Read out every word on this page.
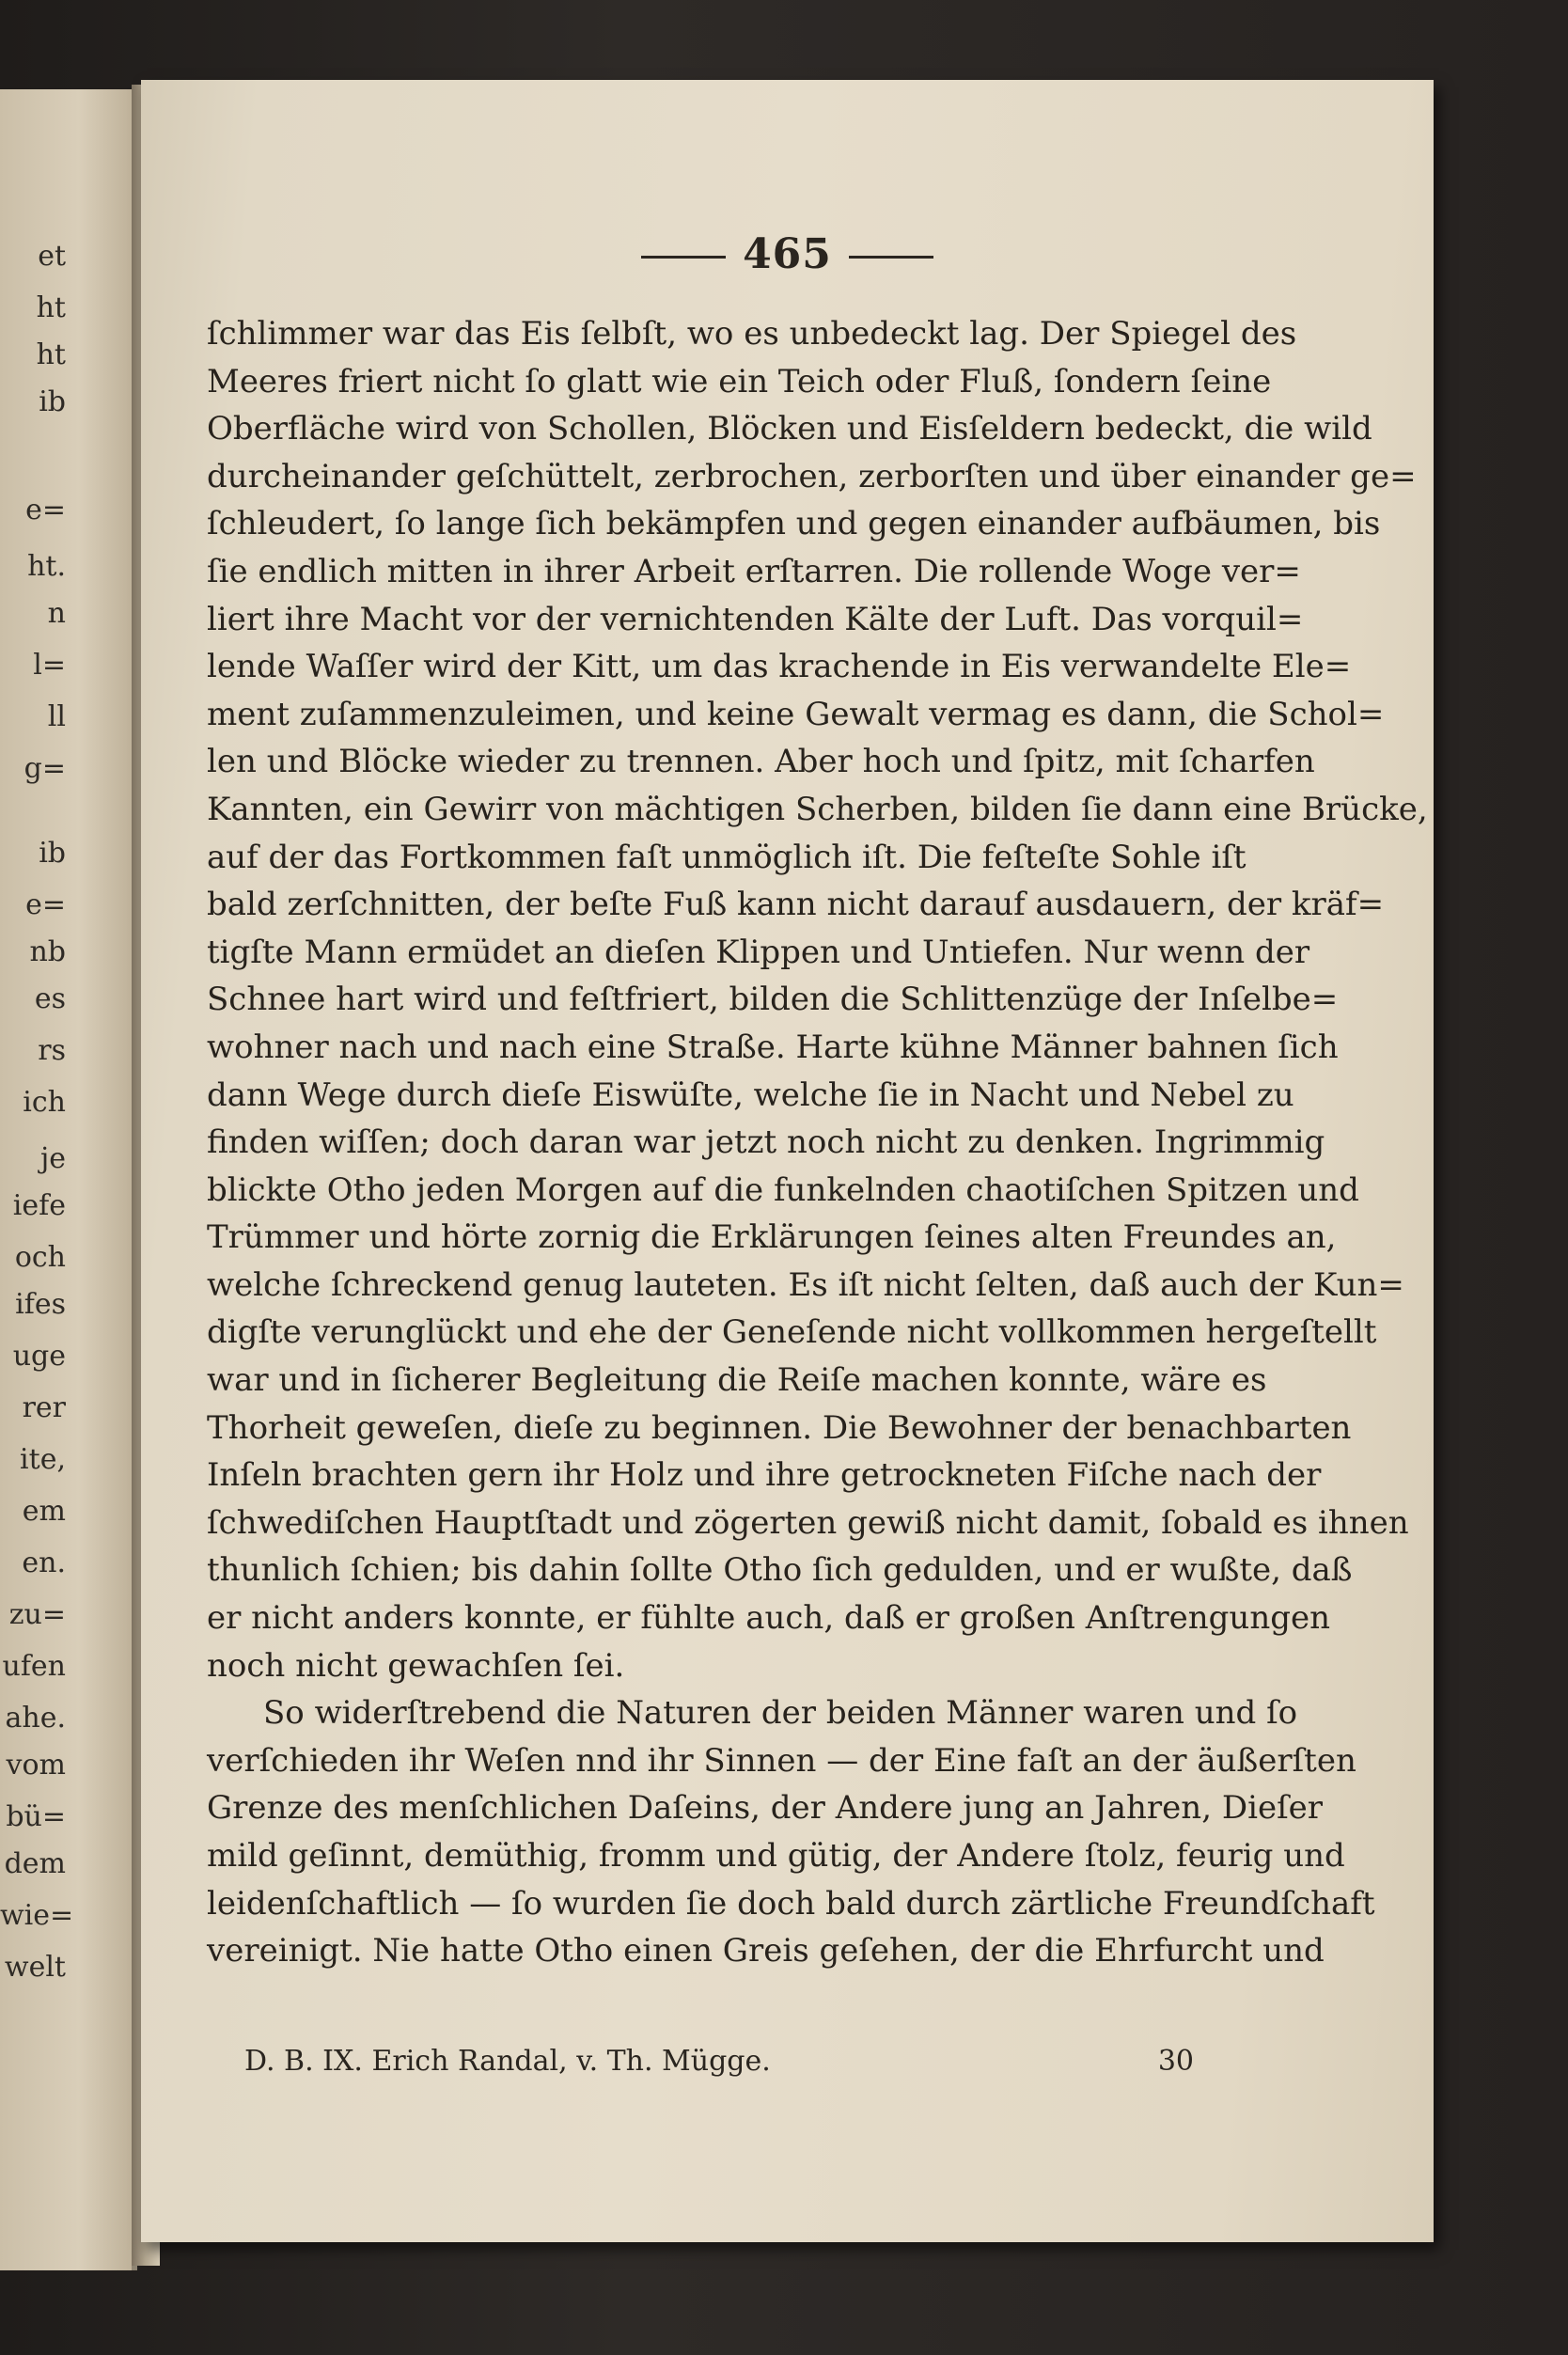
et
ht
ht
ib
e=
ht.
n
l=
ll
g=
ib
e=
nb
es
rs
ich
je
iefe
och
ifes
uge
rer
ite,
em
en.
zu=
ufen
ahe.
vom
bü=
dem
wie=
welt
465
ſchlimmer war das Eis ſelbſt, wo es unbedeckt lag. Der Spiegel des
Meeres friert nicht ſo glatt wie ein Teich oder Fluß, ſondern ſeine
Oberfläche wird von Schollen, Blöcken und Eisſeldern bedeckt, die wild
durcheinander geſchüttelt, zerbrochen, zerborſten und über einander ge=
ſchleudert, ſo lange ſich bekämpfen und gegen einander aufbäumen, bis
ſie endlich mitten in ihrer Arbeit erſtarren. Die rollende Woge ver=
liert ihre Macht vor der vernichtenden Kälte der Luft. Das vorquil=
lende Waſſer wird der Kitt, um das krachende in Eis verwandelte Ele=
ment zuſammenzuleimen, und keine Gewalt vermag es dann, die Schol=
len und Blöcke wieder zu trennen. Aber hoch und ſpitz, mit ſcharfen
Kannten, ein Gewirr von mächtigen Scherben, bilden ſie dann eine Brücke,
auf der das Fortkommen faſt unmöglich iſt. Die feſteſte Sohle iſt
bald zerſchnitten, der beſte Fuß kann nicht darauf ausdauern, der kräf=
tigſte Mann ermüdet an dieſen Klippen und Untiefen. Nur wenn der
Schnee hart wird und feſtfriert, bilden die Schlittenzüge der Inſelbe=
wohner nach und nach eine Straße. Harte kühne Männer bahnen ſich
dann Wege durch dieſe Eiswüſte, welche ſie in Nacht und Nebel zu
finden wiſſen; doch daran war jetzt noch nicht zu denken. Ingrimmig
blickte Otho jeden Morgen auf die funkelnden chaotiſchen Spitzen und
Trümmer und hörte zornig die Erklärungen ſeines alten Freundes an,
welche ſchreckend genug lauteten. Es iſt nicht ſelten, daß auch der Kun=
digſte verunglückt und ehe der Geneſende nicht vollkommen hergeſtellt
war und in ſicherer Begleitung die Reiſe machen konnte, wäre es
Thorheit geweſen, dieſe zu beginnen. Die Bewohner der benachbarten
Inſeln brachten gern ihr Holz und ihre getrockneten Fiſche nach der
ſchwediſchen Hauptſtadt und zögerten gewiß nicht damit, ſobald es ihnen
thunlich ſchien; bis dahin ſollte Otho ſich gedulden, und er wußte, daß
er nicht anders konnte, er fühlte auch, daß er großen Anſtrengungen
noch nicht gewachſen ſei.
So widerſtrebend die Naturen der beiden Männer waren und ſo
verſchieden ihr Weſen nnd ihr Sinnen — der Eine faſt an der äußerſten
Grenze des menſchlichen Daſeins, der Andere jung an Jahren, Dieſer
mild geſinnt, demüthig, fromm und gütig, der Andere ſtolz, feurig und
leidenſchaftlich — ſo wurden ſie doch bald durch zärtliche Freundſchaft
vereinigt. Nie hatte Otho einen Greis geſehen, der die Ehrfurcht und
D. B. IX. Erich Randal, v. Th. Mügge.	30
